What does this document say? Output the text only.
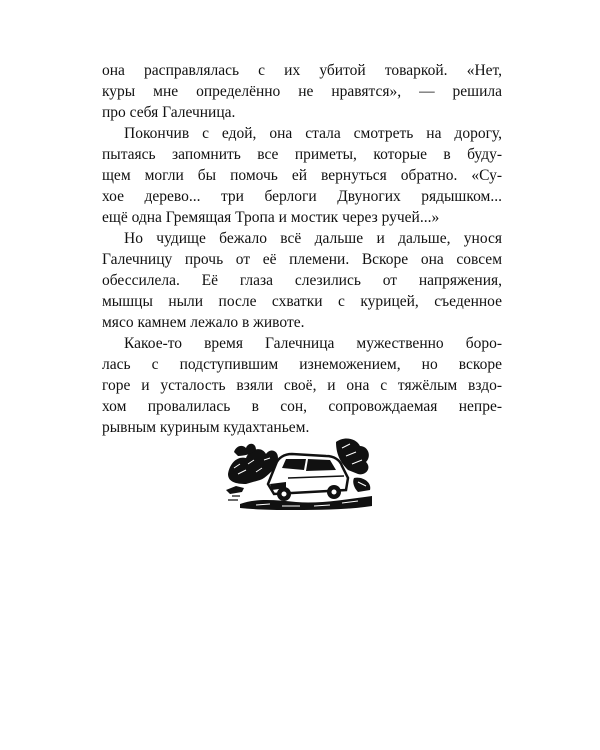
она расправлялась с их убитой товаркой. «Нет,
куры мне определённо не нравятся», — решила
про себя Галечница.
Покончив с едой, она стала смотреть на дорогу,
пытаясь запомнить все приметы, которые в буду-
щем могли бы помочь ей вернуться обратно. «Су-
хое дерево... три берлоги Двуногих рядышком...
ещё одна Гремящая Тропа и мостик через ручей...»
Но чудище бежало всё дальше и дальше, унося
Галечницу прочь от её племени. Вскоре она совсем
обессилела. Её глаза слезились от напряжения,
мышцы ныли после схватки с курицей, съеденное
мясо камнем лежало в животе.
Какое-то время Галечница мужественно боро-
лась с подступившим изнеможением, но вскоре
горе и усталость взяли своё, и она с тяжёлым вздо-
хом провалилась в сон, сопровождаемая непре-
рывным куриным кудахтаньем.
